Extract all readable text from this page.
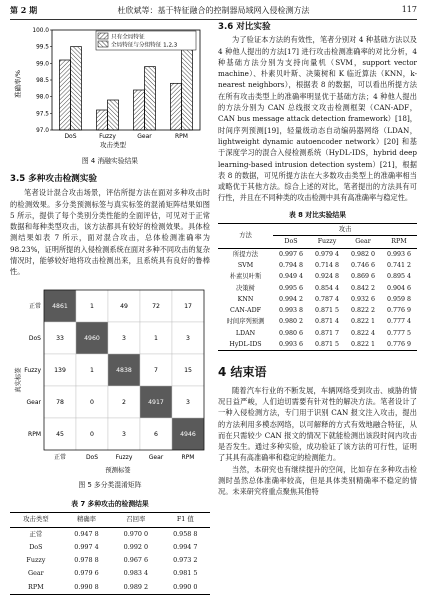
第 2 期	杜欣斌等：基于特征融合的控制器局域网入侵检测方法	117
准确率/%
攻击类型
97.0
97.5
98.0
98.5
99.0
99.5
100.0
DoS	Fuzzy	Gear	RPM
只有全局特征
全局特征与分组特征 1,2,3
图 4 消融实验结果
3.5 多种攻击检测实验

笔者设计混合攻击场景，评估所提方法在面对多种攻击时的检测效果。多分类预测标签与真实标签的混淆矩阵结果如图 5 所示，提供了每个类别分类性能的全面评估，可见对于正常数据和每种类型攻击，该方法都具有较好的检测效果。具体检测结果如表 7 所示，面对混合攻击，总体检测准确率为 98.23%，证明所提的入侵检测系统在面对多种不同攻击的复杂情况时，能够较好地将攻击检测出来，且系统具有良好的鲁棒性。

真实标签
预测标签
4861	1	49	72	17
正常
33	4960	3	1	3
DoS
139	1	4838	7	15
Fuzzy
78	0	2	4917	3
Gear
45	0	3	6	4946
RPM
正常	DoS	Fuzzy	Gear	RPM
图 5 多分类混淆矩阵
表 7 多种攻击的检测结果
攻击类型	精确率	召回率	F1 值
正常	0.947 8	0.970 0	0.958 8
DoS	0.997 4	0.992 0	0.994 7
Fuzzy	0.978 8	0.967 6	0.973 2
Gear	0.979 6	0.983 4	0.981 5
RPM	0.990 8	0.989 2	0.990 0
3.6 对比实验

为了验证本方法的有效性，笔者分别对 4 种基础方法以及 4 种他人提出的方法[17] 进行攻击检测准确率的对比分析，4 种基础方法分别为支持向量机（SVM，support vector machine）、朴素贝叶斯、决策树和 K 临近算法（KNN，k-nearest neighbors），根据表 8 的数据，可以看出所提方法在所有攻击类型上的准确率明显优于基础方法；4 种他人提出的方法分别为 CAN 总线报文攻击检测框架（CAN-ADF，CAN bus message attack detection framework）[18]，时间序列预测[19]，轻量级动态自动编码器网络（LDAN，lightweight dynamic autoencoder network）[20] 和基于深度学习的混合入侵检测系统（HyDL-IDS，hybrid deep learning-based intrusion detection system）[21]，根据表 8 的数据，可见所提方法在大多数攻击类型上的准确率相当或略优于其他方法。综合上述的对比，笔者提出的方法具有可行性，并且在不同种类的攻击检测中具有高准确率与稳定性。

表 8 对比实验结果
方法	攻击			
	DoS	Fuzzy	Gear	RPM
所提方法	0.997 6	0.979 4	0.982 0	0.993 6
SVM	0.794 8	0.714 8	0.746 6	0.741 2
朴素贝叶斯	0.949 4	0.924 8	0.869 6	0.895 4
决策树	0.995 6	0.854 4	0.842 2	0.904 6
KNN	0.994 2	0.787 4	0.932 6	0.959 8
CAN-ADF	0.993 8	0.871 5	0.822 2	0.776 9
时间序列预测	0.980 2	0.871 4	0.822 1	0.777 4
LDAN	0.980 6	0.871 7	0.822 4	0.777 5
HyDL-IDS	0.993 6	0.871 5	0.822 1	0.776 9
4 结束语

随着汽车行业的不断发展，车辆网络受到攻击、威胁的情况日益严峻，人们迫切需要有针对性的解决方法。笔者设计了一种入侵检测方法，专门用于识别 CAN 报文注入攻击，提出的方法利用多模态网络，以可解释的方式有效地融合特征，从而在只需较少 CAN 报文的情况下就能检测出该段时间内攻击是否发生。通过多种实验，成功验证了该方法的可行性，证明了其具有高准确率和稳定的检测能力。

当然，本研究也有继续提升的空间，比如存在多种攻击检测时虽然总体准确率较高，但是具体类别精确率不稳定的情况。未来研究将重点聚焦其他特
